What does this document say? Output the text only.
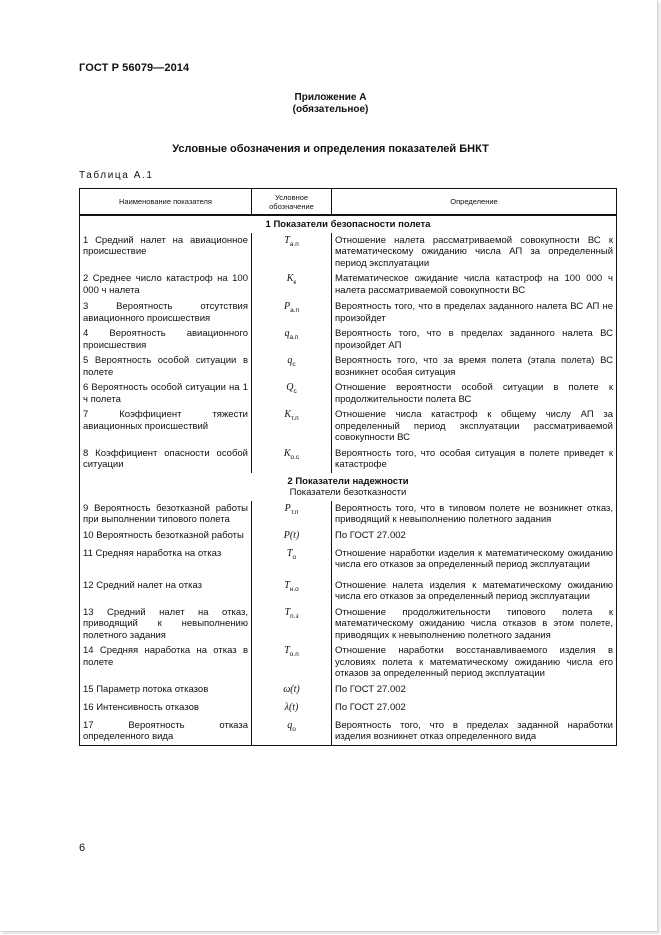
ГОСТ Р 56079—2014
Приложение А
(обязательное)
Условные обозначения и определения показателей БНКТ
Таблица А.1
Наименование показателя	Условное обозначение	Определение
1 Показатели безопасности полета		
1 Средний налет на авиационное происшествие	$T_{а.п}$	Отношение налета рассматриваемой совокупности ВС к математическому ожиданию числа АП за определенный период эксплуатации
2 Среднее число катастроф на 100 000 ч налета	$K_к$	Математическое ожидание числа катастроф на 100 000 ч налета рассматриваемой совокупности ВС
3 Вероятность отсутствия авиационного происшествия	$P_{а.п}$	Вероятность того, что в пределах заданного налета ВС АП не произойдет
4 Вероятность авиационного происшествия	$q_{а.п}$	Вероятность того, что в пределах заданного налета ВС произойдет АП
5 Вероятность особой ситуации в полете	$q_с$	Вероятность того, что за время полета (этапа полета) ВС возникнет особая ситуация
6 Вероятность особой ситуации на 1 ч полета	$Q_с$	Отношение вероятности особой ситуации в полете к продолжительности полета ВС
7 Коэффициент тяжести авиационных происшествий	$K_{т.п}$	Отношение числа катастроф к общему числу АП за определенный период эксплуатации рассматриваемой совокупности ВС
8 Коэффициент опасности особой ситуации	$K_{о.с}$	Вероятность того, что особая ситуация в полете приведет к катастрофе
2 Показатели надежности
Показатели безотказности		

9 Вероятность безотказной работы при выполнении типового полета	$P_{т.п}$	Вероятность того, что в типовом полете не возникнет отказ, приводящий к невыполнению полетного задания
10 Вероятность безотказной работы	P(t)	По ГОСТ 27.002
11 Средняя наработка на отказ	$T_о$	Отношение наработки изделия к математическому ожиданию числа его отказов за определенный период эксплуатации
12 Средний налет на отказ	$T_{н.о}$	Отношение налета изделия к математическому ожиданию числа его отказов за определенный период эксплуатации
13 Средний налет на отказ, приводящий к невыполнению полетного задания	$T_{п.з}$	Отношение продолжительности типового полета к математическому ожиданию числа отказов в этом полете, приводящих к невыполнению полетного задания
14 Средняя наработка на отказ в полете	$T_{о.п}$	Отношение наработки восстанавливаемого изделия в условиях полета к математическому ожиданию числа его отказов за определенный период эксплуатации
15 Параметр потока отказов	ω(t)	По ГОСТ 27.002
16 Интенсивность отказов	λ(t)	По ГОСТ 27.002
17 Вероятность отказа определенного вида	$q_о$	Вероятность того, что в пределах заданной наработки изделия возникнет отказ определенного вида
6
